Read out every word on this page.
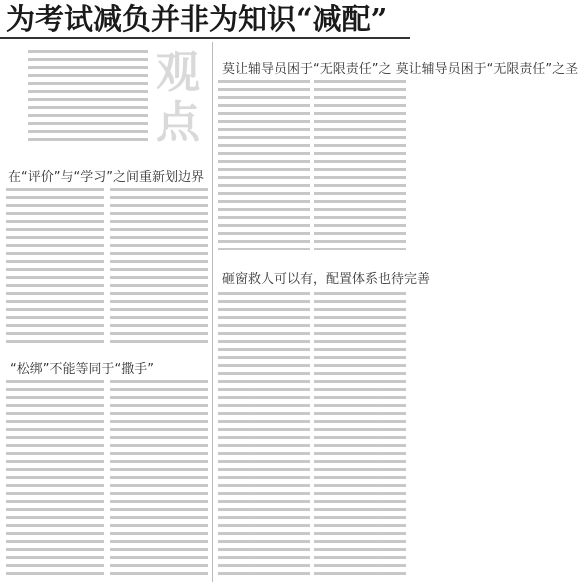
为考试减负并非为知识“减配”
观
点
在“评价”与“学习”之间重新划边界
“松绑”不能等同于“撒手”
莫让辅导员困于“无限责任”之 莫让辅导员困于“无限责任”之圣
砸窗救人可以有，配置体系也待完善
